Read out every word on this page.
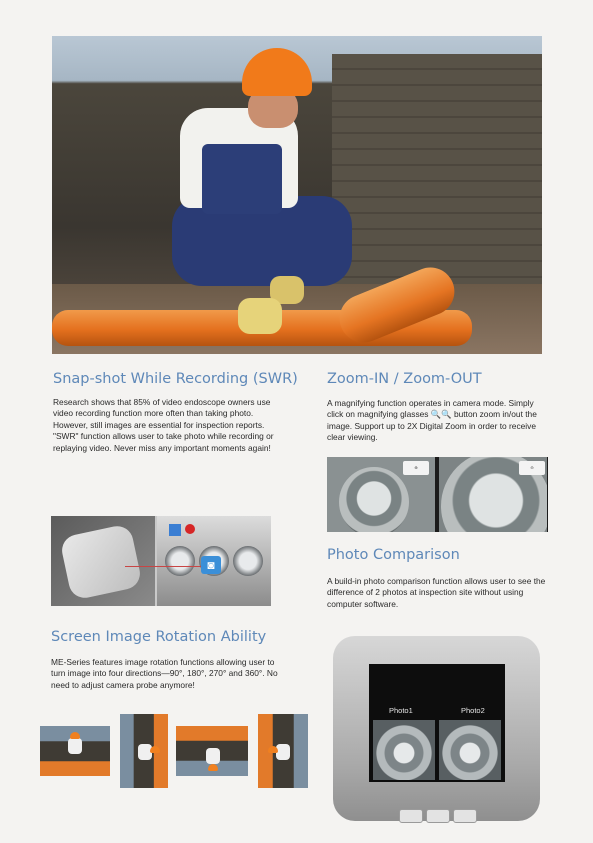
Snap-shot While Recording (SWR)

Research shows that 85% of video endoscope owners use video recording function more often than taking photo. However, still images are essential for inspection reports.

"SWR" function allows user to take photo while recording or replaying video. Never miss any important moments again!

◙
Zoom-IN / Zoom-OUT
A magnifying function operates in camera mode. Simply click on magnifying glasses 🔍🔍 button zoom in/out the image. Support up to 2X Digital Zoom in order to receive clear viewing.
⊕	⊖
Photo Comparison
A build-in photo comparison function allows user to see the difference of 2 photos at inspection site without using computer software.
Photo1	Photo2
Screen Image Rotation Ability
ME-Series features image rotation functions allowing user to turn image into four directions—90°, 180°, 270° and 360°. No need to adjust camera probe anymore!
